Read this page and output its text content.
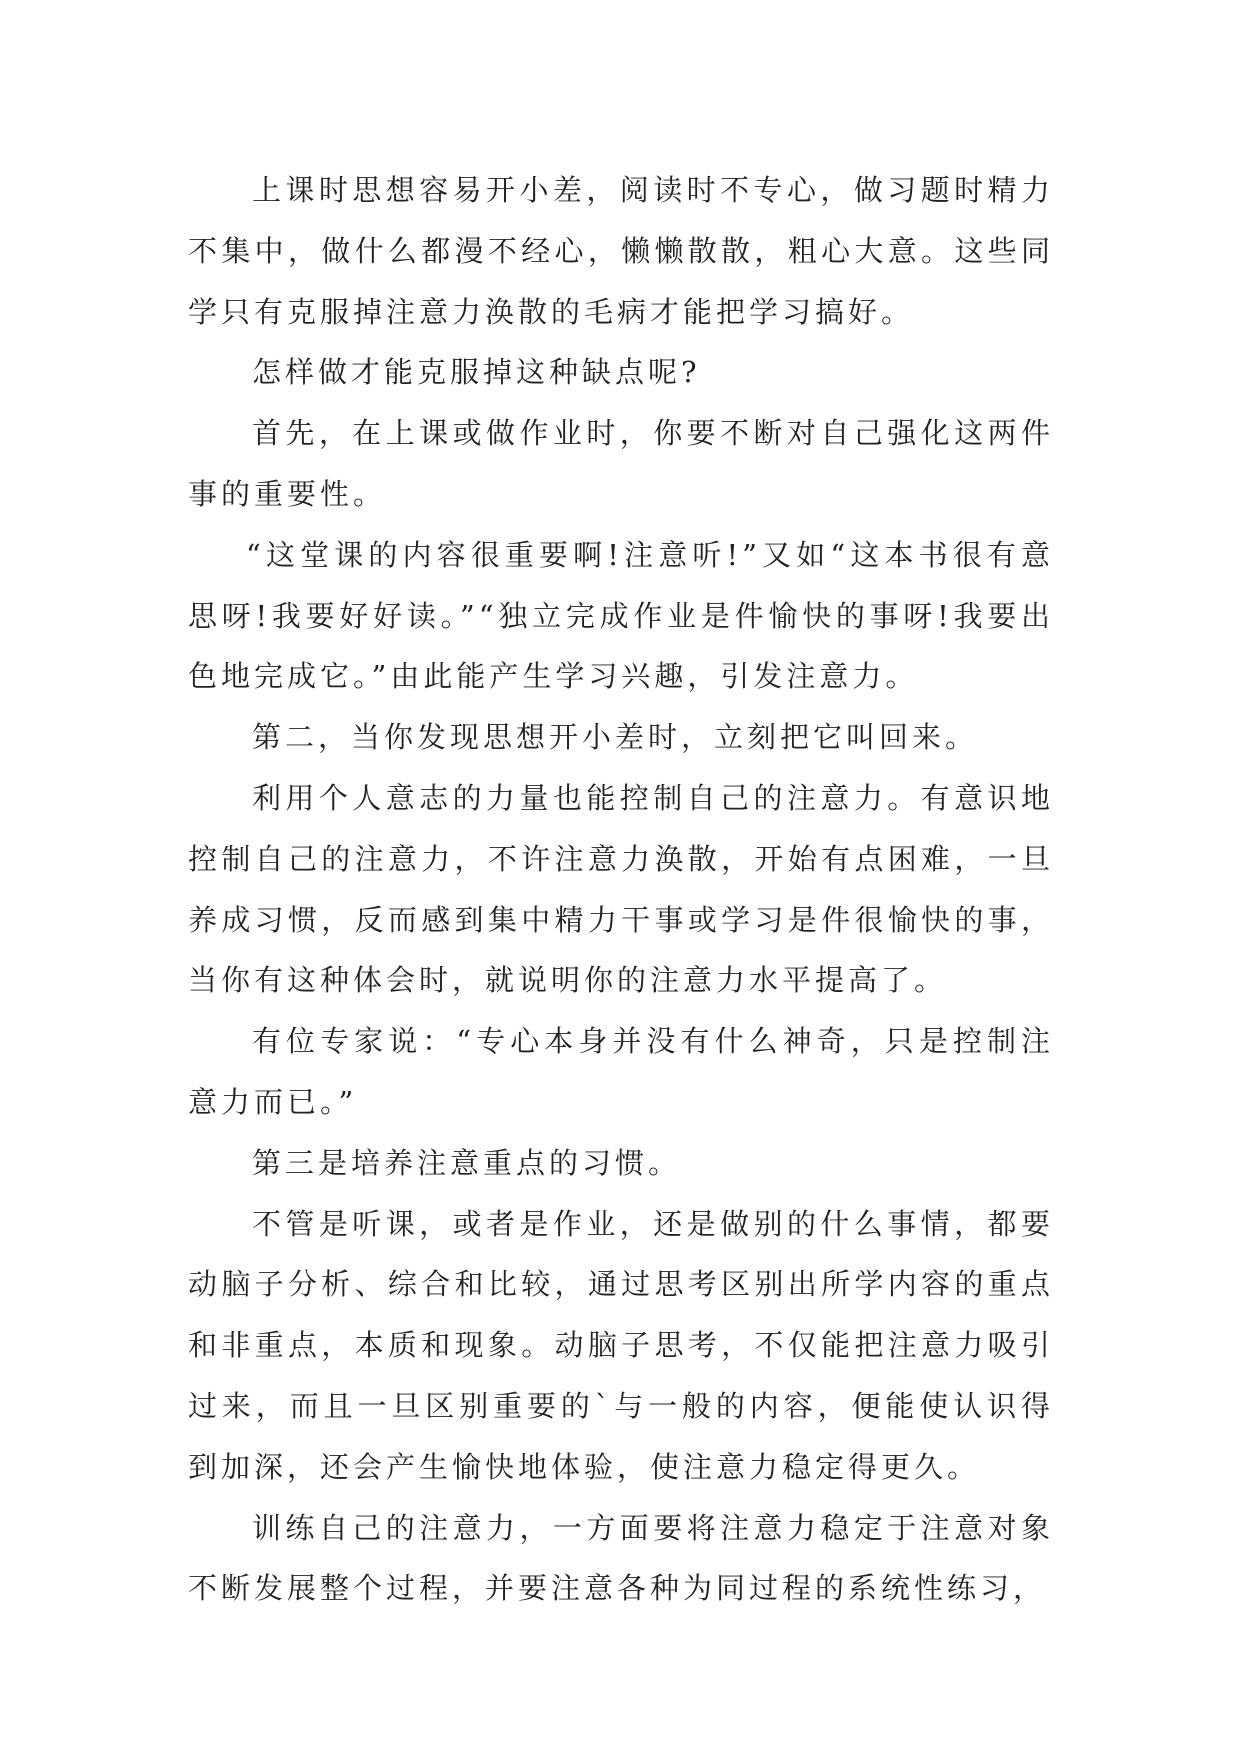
上课时思想容易开小差，阅读时不专心，做习题时精力不集中，做什么都漫不经心，懒懒散散，粗心大意。这些同学只有克服掉注意力涣散的毛病才能把学习搞好。

怎样做才能克服掉这种缺点呢?

首先，在上课或做作业时，你要不断对自己强化这两件事的重要性。

“这堂课的内容很重要啊!注意听!”又如“这本书很有意思呀!我要好好读。”“独立完成作业是件愉快的事呀!我要出色地完成它。”由此能产生学习兴趣，引发注意力。

第二，当你发现思想开小差时，立刻把它叫回来。

利用个人意志的力量也能控制自己的注意力。有意识地控制自己的注意力，不许注意力涣散，开始有点困难，一旦养成习惯，反而感到集中精力干事或学习是件很愉快的事，当你有这种体会时，就说明你的注意力水平提高了。

有位专家说：“专心本身并没有什么神奇，只是控制注意力而已。”

第三是培养注意重点的习惯。

不管是听课，或者是作业，还是做别的什么事情，都要动脑子分析、综合和比较，通过思考区别出所学内容的重点和非重点，本质和现象。动脑子思考，不仅能把注意力吸引过来，而且一旦区别重要的`与一般的内容，便能使认识得到加深，还会产生愉快地体验，使注意力稳定得更久。

训练自己的注意力，一方面要将注意力稳定于注意对象不断发展整个过程，并要注意各种为同过程的系统性练习，
